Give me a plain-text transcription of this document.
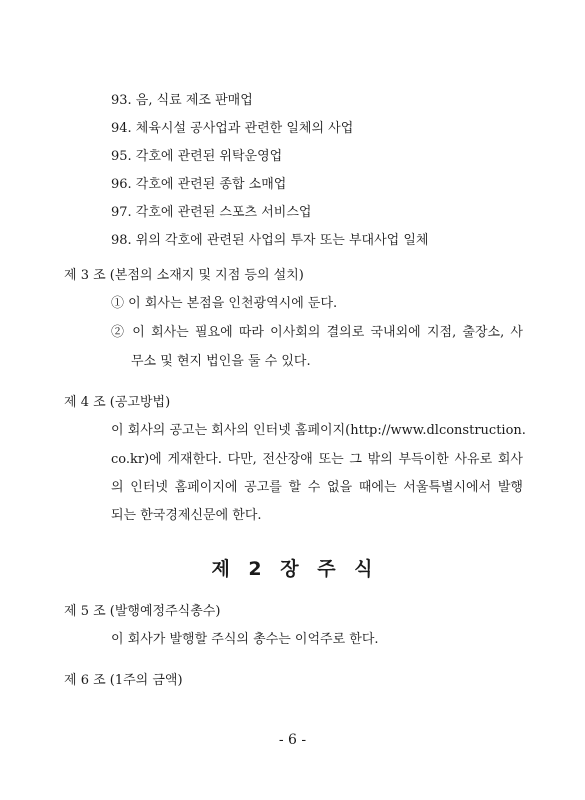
93. 음, 식료 제조 판매업
94. 체육시설 공사업과 관련한 일체의 사업
95. 각호에 관련된 위탁운영업
96. 각호에 관련된 종합 소매업
97. 각호에 관련된 스포츠 서비스업
98. 위의 각호에 관련된 사업의 투자 또는 부대사업 일체
제 3 조 (본점의 소재지 및 지점 등의 설치)
① 이 회사는 본점을 인천광역시에 둔다.
② 이 회사는 필요에 따라 이사회의 결의로 국내외에 지점, 출장소, 사
무소 및 현지 법인을 둘 수 있다.
제 4 조 (공고방법)
이 회사의 공고는 회사의 인터넷 홈페이지(http://www.dlconstruction.
co.kr)에 게재한다. 다만, 전산장애 또는 그 밖의 부득이한 사유로 회사
의 인터넷 홈페이지에 공고를 할 수 없을 때에는 서울특별시에서 발행
되는 한국경제신문에 한다.
제 2 장 주 식
제 5 조 (발행예정주식총수)
이 회사가 발행할 주식의 총수는 이억주로 한다.
제 6 조 (1주의 금액)
- 6 -
